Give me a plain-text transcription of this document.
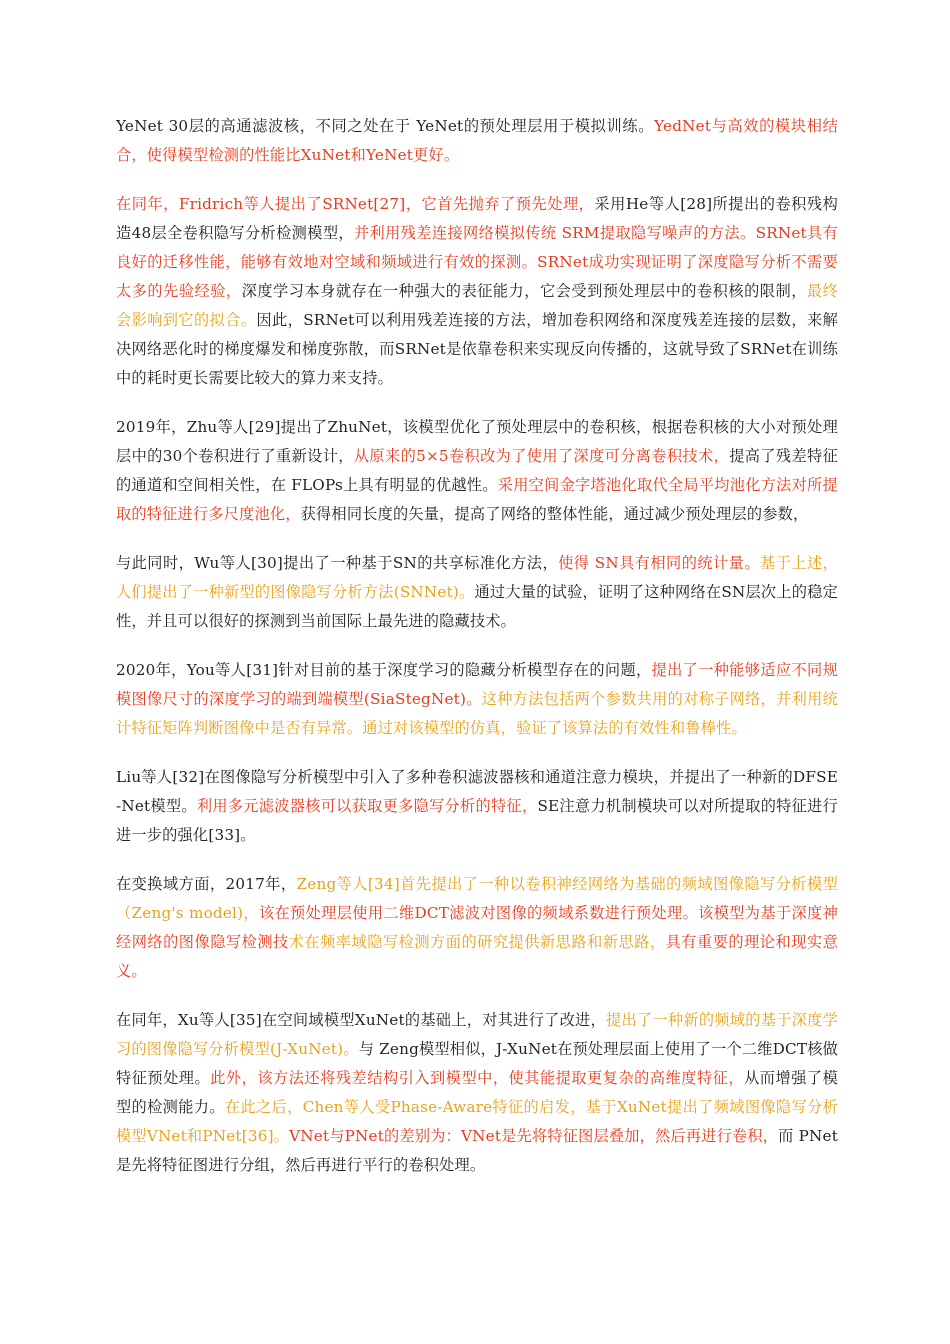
YeNet 30层的高通滤波核，不同之处在于 YeNet的预处理层用于模拟训练。YedNet与高效的模块相结合，使得模型检测的性能比XuNet和YeNet更好。

在同年，Fridrich等人提出了SRNet[27]，它首先抛弃了预先处理，采用He等人[28]所提出的卷积残构造48层全卷积隐写分析检测模型，并利用残差连接网络模拟传统 SRM提取隐写噪声的方法。SRNet具有良好的迁移性能，能够有效地对空域和频域进行有效的探测。SRNet成功实现证明了深度隐写分析不需要太多的先验经验，深度学习本身就存在一种强大的表征能力，它会受到预处理层中的卷积核的限制，最终会影响到它的拟合。因此，SRNet可以利用残差连接的方法，增加卷积网络和深度残差连接的层数，来解决网络恶化时的梯度爆发和梯度弥散，而SRNet是依靠卷积来实现反向传播的，这就导致了SRNet在训练中的耗时更长需要比较大的算力来支持。

2019年，Zhu等人[29]提出了ZhuNet，该模型优化了预处理层中的卷积核，根据卷积核的大小对预处理层中的30个卷积进行了重新设计，从原来的5×5卷积改为了使用了深度可分离卷积技术，提高了残差特征的通道和空间相关性，在 FLOPs上具有明显的优越性。采用空间金字塔池化取代全局平均池化方法对所提取的特征进行多尺度池化，获得相同长度的矢量，提高了网络的整体性能，通过减少预处理层的参数，

与此同时，Wu等人[30]提出了一种基于SN的共享标准化方法，使得 SN具有相同的统计量。基于上述，人们提出了一种新型的图像隐写分析方法(SNNet)。通过大量的试验，证明了这种网络在SN层次上的稳定性，并且可以很好的探测到当前国际上最先进的隐藏技术。

2020年，You等人[31]针对目前的基于深度学习的隐藏分析模型存在的问题，提出了一种能够适应不同规模图像尺寸的深度学习的端到端模型(SiaStegNet)。这种方法包括两个参数共用的对称子网络，并利用统计特征矩阵判断图像中是否有异常。通过对该模型的仿真，验证了该算法的有效性和鲁棒性。

Liu等人[32]在图像隐写分析模型中引入了多种卷积滤波器核和通道注意力模块，并提出了一种新的DFSE-Net模型。利用多元滤波器核可以获取更多隐写分析的特征，SE注意力机制模块可以对所提取的特征进行进一步的强化[33]。

在变换域方面，2017年，Zeng等人[34]首先提出了一种以卷积神经网络为基础的频域图像隐写分析模型（Zeng's model)，该在预处理层使用二维DCT滤波对图像的频域系数进行预处理。该模型为基于深度神经网络的图像隐写检测技术在频率域隐写检测方面的研究提供新思路和新思路，具有重要的理论和现实意义。

在同年，Xu等人[35]在空间域模型XuNet的基础上，对其进行了改进，提出了一种新的频域的基于深度学习的图像隐写分析模型(J-XuNet)。与 Zeng模型相似，J-XuNet在预处理层面上使用了一个二维DCT核做特征预处理。此外，该方法还将残差结构引入到模型中，使其能提取更复杂的高维度特征，从而增强了模型的检测能力。在此之后，Chen等人受Phase-Aware特征的启发，基于XuNet提出了频域图像隐写分析模型VNet和PNet[36]。VNet与PNet的差别为：VNet是先将特征图层叠加，然后再进行卷积，而 PNet是先将特征图进行分组，然后再进行平行的卷积处理。
